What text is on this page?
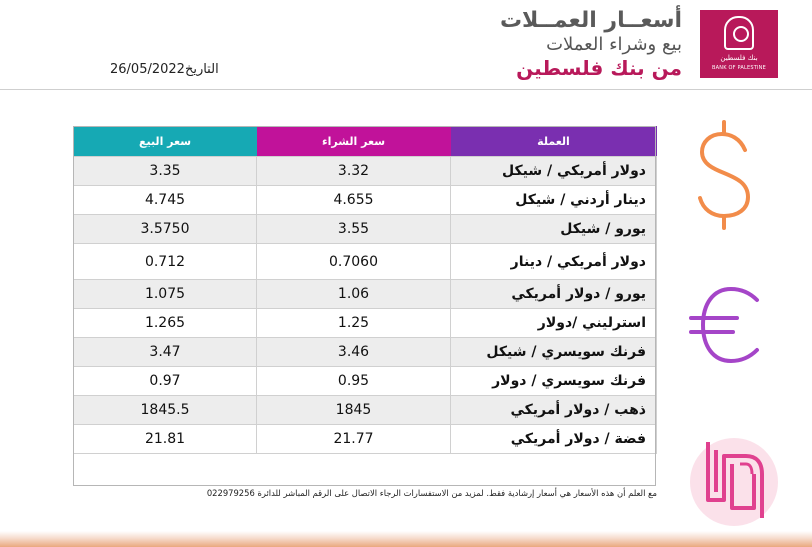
بنك فلسطين
BANK OF PALESTINE
أسعــار العمــلات
بيع وشراء العملات
من بنك فلسطين
التاريخ26/05/2022
سعر البيع	سعر الشراء	العملة
3.35	3.32	دولار أمريكي / شيكل
4.745	4.655	دينار أردني / شيكل
3.5750	3.55	يورو / شيكل
0.712	0.7060	دولار أمريكي / دينار
1.075	1.06	يورو / دولار أمريكي
1.265	1.25	استرليني /دولار
3.47	3.46	فرنك سويسري / شيكل
0.97	0.95	فرنك سويسري / دولار
1845.5	1845	ذهب / دولار أمريكي
21.81	21.77	فضة / دولار أمريكي
مع العلم أن هذه الأسعار هي أسعار إرشادية فقط. لمزيد من الاستفسارات الرجاء الاتصال على الرقم المباشر للدائرة 022979256
